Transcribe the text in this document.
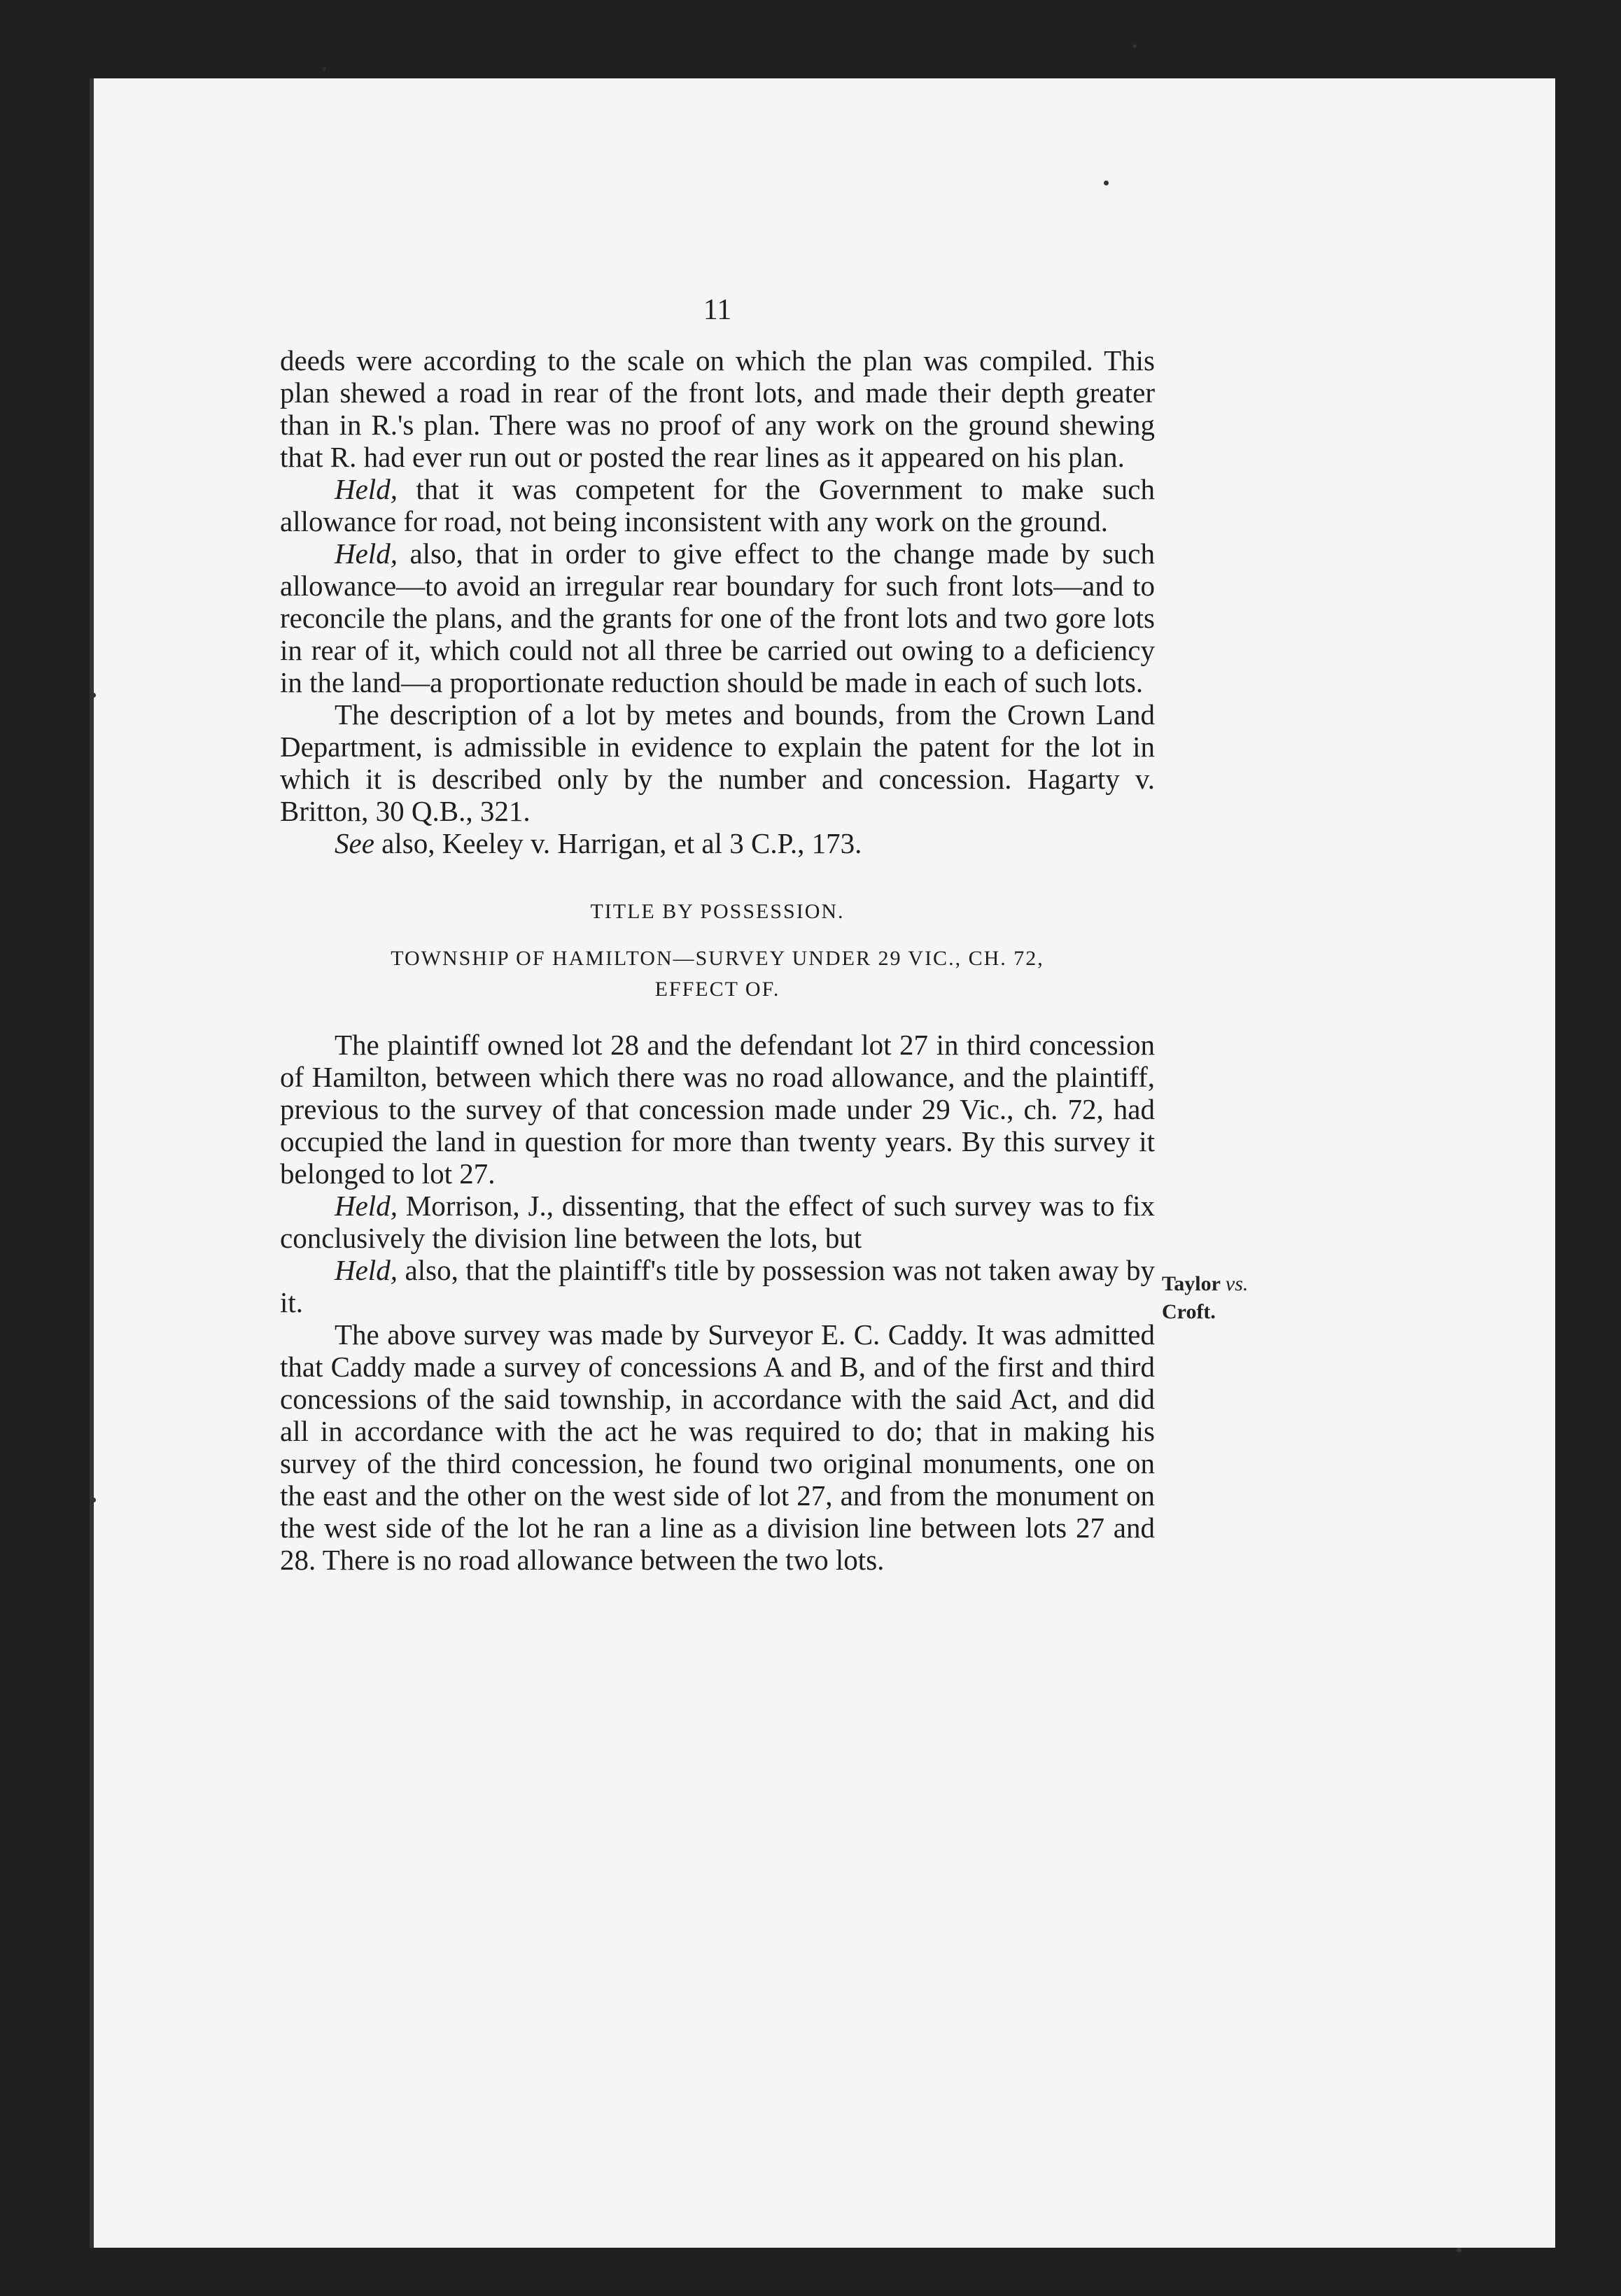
11

deeds were according to the scale on which the plan was compiled. This plan shewed a road in rear of the front lots, and made their depth greater than in R.'s plan. There was no proof of any work on the ground shewing that R. had ever run out or posted the rear lines as it appeared on his plan.

Held, that it was competent for the Government to make such allowance for road, not being inconsistent with any work on the ground.

Held, also, that in order to give effect to the change made by such allowance—to avoid an irregular rear boundary for such front lots—and to reconcile the plans, and the grants for one of the front lots and two gore lots in rear of it, which could not all three be carried out owing to a deficiency in the land—a proportionate reduction should be made in each of such lots.

The description of a lot by metes and bounds, from the Crown Land Department, is admissible in evidence to explain the patent for the lot in which it is described only by the number and concession. Hagarty v. Britton, 30 Q.B., 321.

See also, Keeley v. Harrigan, et al 3 C.P., 173.

TITLE BY POSSESSION.
TOWNSHIP OF HAMILTON—SURVEY UNDER 29 VIC., CH. 72,
EFFECT OF.

The plaintiff owned lot 28 and the defendant lot 27 in third concession of Hamilton, between which there was no road allowance, and the plaintiff, previous to the survey of that concession made under 29 Vic., ch. 72, had occupied the land in question for more than twenty years. By this survey it belonged to lot 27.

Held, Morrison, J., dissenting, that the effect of such survey was to fix conclusively the division line between the lots, but

Held, also, that the plaintiff's title by possession was not taken away by it.

The above survey was made by Surveyor E. C. Caddy. It was admitted that Caddy made a survey of concessions A and B, and of the first and third concessions of the said township, in accordance with the said Act, and did all in accordance with the act he was required to do; that in making his survey of the third concession, he found two original monuments, one on the east and the other on the west side of lot 27, and from the monument on the west side of the lot he ran a line as a division line between lots 27 and 28. There is no road allowance between the two lots.

Taylor vs.
Croft.
